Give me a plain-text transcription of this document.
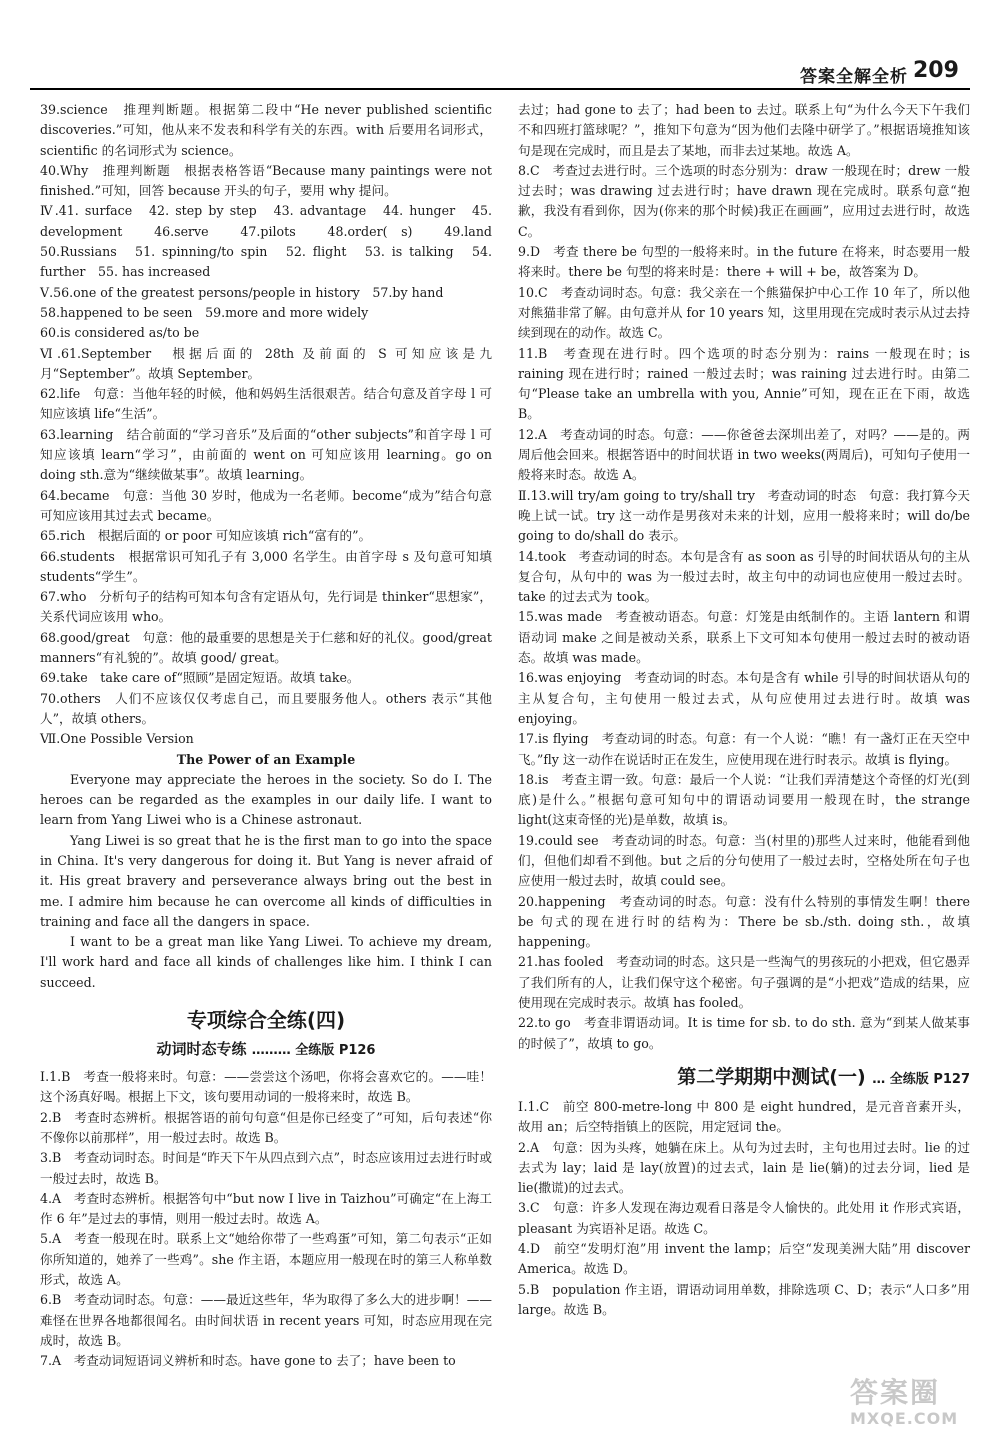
答案全解全析 209

39.science　推理判断题。根据第二段中“He never published scientific discoveries.”可知，他从来不发表和科学有关的东西。with 后要用名词形式，scientific 的名词形式为 science。

40.Why　推理判断题　根据表格答语“Because many paintings were not finished.”可知，回答 because 开头的句子，要用 why 提问。

Ⅳ.41. surface　42. step by step　43. advantage　44. hunger　45. development　46.serve　47.pilots　48.order( s)　49.land　50.Russians　51. spinning/to spin　52. flight　53. is talking　54. further　55. has increased

Ⅴ.56.one of the greatest persons/people in history　57.by hand

58.happened to be seen　59.more and more widely

60.is considered as/to be

Ⅵ.61.September　根据后面的 28th 及前面的 S 可知应该是九月“September”。故填 September。

62.life　句意：当他年轻的时候，他和妈妈生活很艰苦。结合句意及首字母 l 可知应该填 life“生活”。

63.learning　结合前面的“学习音乐”及后面的“other subjects”和首字母 l 可知应该填 learn“学习”，由前面的 went on 可知应该用 learning。go on doing sth.意为“继续做某事”。故填 learning。

64.became　句意：当他 30 岁时，他成为一名老师。become“成为”结合句意可知应该用其过去式 became。

65.rich　根据后面的 or poor 可知应该填 rich“富有的”。

66.students　根据常识可知孔子有 3,000 名学生。由首字母 s 及句意可知填 students“学生”。

67.who　分析句子的结构可知本句含有定语从句，先行词是 thinker“思想家”，关系代词应该用 who。

68.good/great　句意：他的最重要的思想是关于仁慈和好的礼仪。good/great manners“有礼貌的”。故填 good/ great。

69.take　take care of“照顾”是固定短语。故填 take。

70.others　人们不应该仅仅考虑自己，而且要服务他人。others 表示“其他人”，故填 others。

Ⅶ.One Possible Version

The Power of an Example

Everyone may appreciate the heroes in the society. So do I. The heroes can be regarded as the examples in our daily life. I want to learn from Yang Liwei who is a Chinese astronaut.

Yang Liwei is so great that he is the first man to go into the space in China. It's very dangerous for doing it. But Yang is never afraid of it. His great bravery and perseverance always bring out the best in me. I admire him because he can overcome all kinds of difficulties in training and face all the dangers in space.

I want to be a great man like Yang Liwei. To achieve my dream, I'll work hard and face all kinds of challenges like him. I think I can succeed.

专项综合全练(四)
动词时态专练 ……… 全练版 P126

Ⅰ.1.B　考查一般将来时。句意：——尝尝这个汤吧，你将会喜欢它的。——哇！这个汤真好喝。根据上下文，该句要用动词的一般将来时，故选 B。

2.B　考查时态辨析。根据答语的前句句意“但是你已经变了”可知，后句表述“你不像你以前那样”，用一般过去时。故选 B。

3.B　考查动词时态。时间是“昨天下午从四点到六点”，时态应该用过去进行时或一般过去时，故选 B。

4.A　考查时态辨析。根据答句中“but now I live in Taizhou”可确定“在上海工作 6 年”是过去的事情，则用一般过去时。故选 A。

5.A　考查一般现在时。联系上文“她给你带了一些鸡蛋”可知，第二句表示“正如你所知道的，她养了一些鸡”。she 作主语，本题应用一般现在时的第三人称单数形式，故选 A。

6.B　考查动词时态。句意：——最近这些年，华为取得了多么大的进步啊！——难怪在世界各地都很闻名。由时间状语 in recent years 可知，时态应用现在完成时，故选 B。

7.A　考查动词短语词义辨析和时态。have gone to 去了；have been to

去过；had gone to 去了；had been to 去过。联系上句“为什么今天下午我们不和四班打篮球呢？”，推知下句意为“因为他们去隆中研学了。”根据语境推知该句是现在完成时，而且是去了某地，而非去过某地。故选 A。

8.C　考查过去进行时。三个选项的时态分别为：draw 一般现在时；drew 一般过去时；was drawing 过去进行时；have drawn 现在完成时。联系句意“抱歉，我没有看到你，因为(你来的那个时候)我正在画画”，应用过去进行时，故选 C。

9.D　考查 there be 句型的一般将来时。in the future 在将来，时态要用一般将来时。there be 句型的将来时是：there + will + be，故答案为 D。

10.C　考查动词时态。句意：我父亲在一个熊猫保护中心工作 10 年了，所以他对熊猫非常了解。由句意并从 for 10 years 知，这里用现在完成时表示从过去持续到现在的动作。故选 C。

11.B　考查现在进行时。四个选项的时态分别为：rains 一般现在时；is raining 现在进行时；rained 一般过去时；was raining 过去进行时。由第二句“Please take an umbrella with you, Annie”可知，现在正在下雨，故选 B。

12.A　考查动词的时态。句意：——你爸爸去深圳出差了，对吗？——是的。两周后他会回来。根据答语中的时间状语 in two weeks(两周后)，可知句子使用一般将来时态。故选 A。

Ⅱ.13.will try/am going to try/shall try　考查动词的时态　句意：我打算今天晚上试一试。try 这一动作是男孩对未来的计划，应用一般将来时；will do/be going to do/shall do 表示。

14.took　考查动词的时态。本句是含有 as soon as 引导的时间状语从句的主从复合句，从句中的 was 为一般过去时，故主句中的动词也应使用一般过去时。take 的过去式为 took。

15.was made　考查被动语态。句意：灯笼是由纸制作的。主语 lantern 和谓语动词 make 之间是被动关系，联系上下文可知本句使用一般过去时的被动语态。故填 was made。

16.was enjoying　考查动词的时态。本句是含有 while 引导的时间状语从句的主从复合句，主句使用一般过去式，从句应使用过去进行时。故填 was enjoying。

17.is flying　考查动词的时态。句意：有一个人说：“瞧！有一盏灯正在天空中飞。”fly 这一动作在说话时正在发生，应使用现在进行时表示。故填 is flying。

18.is　考查主谓一致。句意：最后一个人说：“让我们弄清楚这个奇怪的灯光(到底)是什么。”根据句意可知句中的谓语动词要用一般现在时，the strange light(这束奇怪的光)是单数，故填 is。

19.could see　考查动词的时态。句意：当(村里的)那些人过来时，他能看到他们，但他们却看不到他。but 之后的分句使用了一般过去时，空格处所在句子也应使用一般过去时，故填 could see。

20.happening　考查动词的时态。句意：没有什么特别的事情发生啊！there be 句式的现在进行时的结构为：There be sb./sth. doing sth.，故填 happening。

21.has fooled　考查动词的时态。这只是一些淘气的男孩玩的小把戏，但它愚弄了我们所有的人，让我们保守这个秘密。句子强调的是“小把戏”造成的结果，应使用现在完成时表示。故填 has fooled。

22.to go　考查非谓语动词。It is time for sb. to do sth. 意为“到某人做某事的时候了”，故填 to go。

第二学期期中测试(一) … 全练版 P127

Ⅰ.1.C　前空 800-metre-long 中 800 是 eight hundred，是元音音素开头，故用 an；后空特指镇上的医院，用定冠词 the。

2.A　句意：因为头疼，她躺在床上。从句为过去时，主句也用过去时。lie 的过去式为 lay；laid 是 lay(放置)的过去式，lain 是 lie(躺)的过去分词，lied 是 lie(撒谎)的过去式。

3.C　句意：许多人发现在海边观看日落是令人愉快的。此处用 it 作形式宾语，pleasant 为宾语补足语。故选 C。

4.D　前空“发明灯泡”用 invent the lamp；后空“发现美洲大陆”用 discover America。故选 D。

5.B　population 作主语，谓语动词用单数，排除选项 C、D；表示“人口多”用 large。故选 B。

答案圈
MXQE.COM
